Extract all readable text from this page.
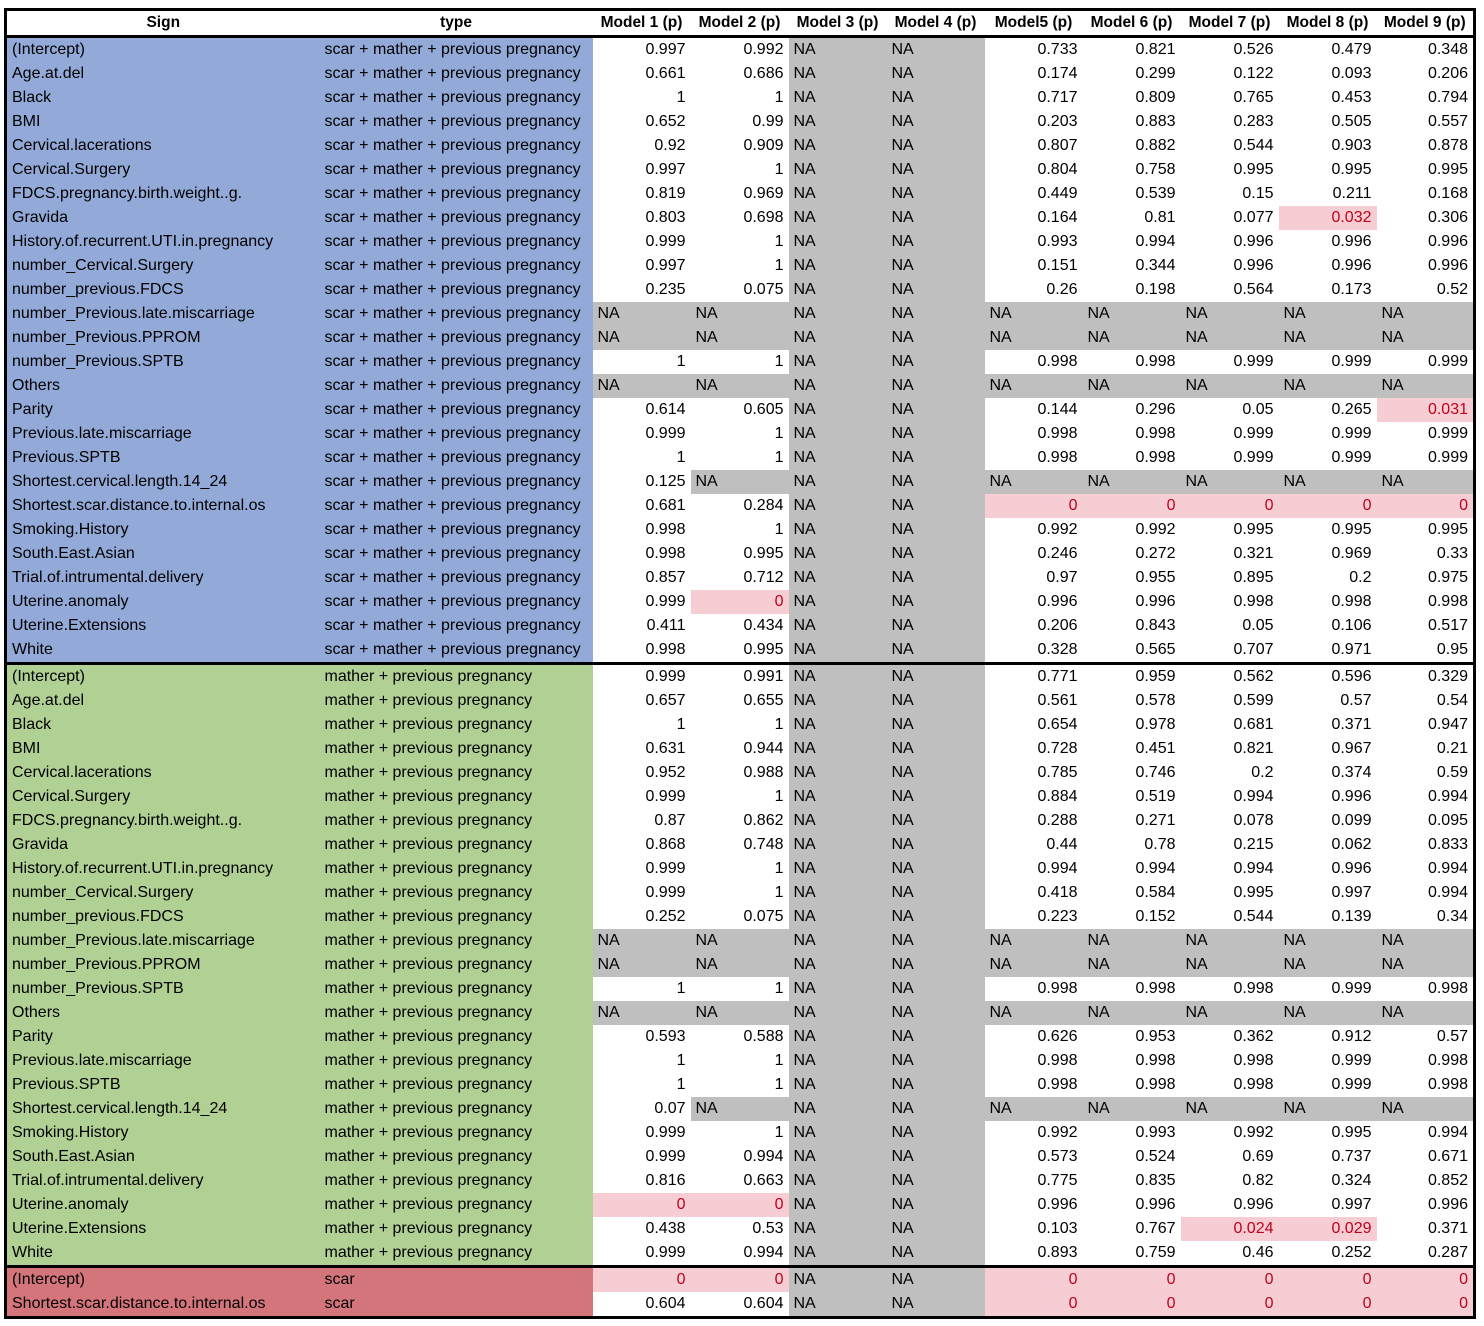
Sign	type	Model 1 (p)	Model 2 (p)	Model 3 (p)	Model 4 (p)	Model5 (p)	Model 6 (p)	Model 7 (p)	Model 8 (p)	Model 9 (p)
(Intercept)	scar + mather + previous pregnancy	0.997	0.992	NA	NA	0.733	0.821	0.526	0.479	0.348
Age.at.del	scar + mather + previous pregnancy	0.661	0.686	NA	NA	0.174	0.299	0.122	0.093	0.206
Black	scar + mather + previous pregnancy	1	1	NA	NA	0.717	0.809	0.765	0.453	0.794
BMI	scar + mather + previous pregnancy	0.652	0.99	NA	NA	0.203	0.883	0.283	0.505	0.557
Cervical.lacerations	scar + mather + previous pregnancy	0.92	0.909	NA	NA	0.807	0.882	0.544	0.903	0.878
Cervical.Surgery	scar + mather + previous pregnancy	0.997	1	NA	NA	0.804	0.758	0.995	0.995	0.995
FDCS.pregnancy.birth.weight..g.	scar + mather + previous pregnancy	0.819	0.969	NA	NA	0.449	0.539	0.15	0.211	0.168
Gravida	scar + mather + previous pregnancy	0.803	0.698	NA	NA	0.164	0.81	0.077	0.032	0.306
History.of.recurrent.UTI.in.pregnancy	scar + mather + previous pregnancy	0.999	1	NA	NA	0.993	0.994	0.996	0.996	0.996
number_Cervical.Surgery	scar + mather + previous pregnancy	0.997	1	NA	NA	0.151	0.344	0.996	0.996	0.996
number_previous.FDCS	scar + mather + previous pregnancy	0.235	0.075	NA	NA	0.26	0.198	0.564	0.173	0.52
number_Previous.late.miscarriage	scar + mather + previous pregnancy	NA	NA	NA	NA	NA	NA	NA	NA	NA
number_Previous.PPROM	scar + mather + previous pregnancy	NA	NA	NA	NA	NA	NA	NA	NA	NA
number_Previous.SPTB	scar + mather + previous pregnancy	1	1	NA	NA	0.998	0.998	0.999	0.999	0.999
Others	scar + mather + previous pregnancy	NA	NA	NA	NA	NA	NA	NA	NA	NA
Parity	scar + mather + previous pregnancy	0.614	0.605	NA	NA	0.144	0.296	0.05	0.265	0.031
Previous.late.miscarriage	scar + mather + previous pregnancy	0.999	1	NA	NA	0.998	0.998	0.999	0.999	0.999
Previous.SPTB	scar + mather + previous pregnancy	1	1	NA	NA	0.998	0.998	0.999	0.999	0.999
Shortest.cervical.length.14_24	scar + mather + previous pregnancy	0.125	NA	NA	NA	NA	NA	NA	NA	NA
Shortest.scar.distance.to.internal.os	scar + mather + previous pregnancy	0.681	0.284	NA	NA	0	0	0	0	0
Smoking.History	scar + mather + previous pregnancy	0.998	1	NA	NA	0.992	0.992	0.995	0.995	0.995
South.East.Asian	scar + mather + previous pregnancy	0.998	0.995	NA	NA	0.246	0.272	0.321	0.969	0.33
Trial.of.intrumental.delivery	scar + mather + previous pregnancy	0.857	0.712	NA	NA	0.97	0.955	0.895	0.2	0.975
Uterine.anomaly	scar + mather + previous pregnancy	0.999	0	NA	NA	0.996	0.996	0.998	0.998	0.998
Uterine.Extensions	scar + mather + previous pregnancy	0.411	0.434	NA	NA	0.206	0.843	0.05	0.106	0.517
White	scar + mather + previous pregnancy	0.998	0.995	NA	NA	0.328	0.565	0.707	0.971	0.95
(Intercept)	mather + previous pregnancy	0.999	0.991	NA	NA	0.771	0.959	0.562	0.596	0.329
Age.at.del	mather + previous pregnancy	0.657	0.655	NA	NA	0.561	0.578	0.599	0.57	0.54
Black	mather + previous pregnancy	1	1	NA	NA	0.654	0.978	0.681	0.371	0.947
BMI	mather + previous pregnancy	0.631	0.944	NA	NA	0.728	0.451	0.821	0.967	0.21
Cervical.lacerations	mather + previous pregnancy	0.952	0.988	NA	NA	0.785	0.746	0.2	0.374	0.59
Cervical.Surgery	mather + previous pregnancy	0.999	1	NA	NA	0.884	0.519	0.994	0.996	0.994
FDCS.pregnancy.birth.weight..g.	mather + previous pregnancy	0.87	0.862	NA	NA	0.288	0.271	0.078	0.099	0.095
Gravida	mather + previous pregnancy	0.868	0.748	NA	NA	0.44	0.78	0.215	0.062	0.833
History.of.recurrent.UTI.in.pregnancy	mather + previous pregnancy	0.999	1	NA	NA	0.994	0.994	0.994	0.996	0.994
number_Cervical.Surgery	mather + previous pregnancy	0.999	1	NA	NA	0.418	0.584	0.995	0.997	0.994
number_previous.FDCS	mather + previous pregnancy	0.252	0.075	NA	NA	0.223	0.152	0.544	0.139	0.34
number_Previous.late.miscarriage	mather + previous pregnancy	NA	NA	NA	NA	NA	NA	NA	NA	NA
number_Previous.PPROM	mather + previous pregnancy	NA	NA	NA	NA	NA	NA	NA	NA	NA
number_Previous.SPTB	mather + previous pregnancy	1	1	NA	NA	0.998	0.998	0.998	0.999	0.998
Others	mather + previous pregnancy	NA	NA	NA	NA	NA	NA	NA	NA	NA
Parity	mather + previous pregnancy	0.593	0.588	NA	NA	0.626	0.953	0.362	0.912	0.57
Previous.late.miscarriage	mather + previous pregnancy	1	1	NA	NA	0.998	0.998	0.998	0.999	0.998
Previous.SPTB	mather + previous pregnancy	1	1	NA	NA	0.998	0.998	0.998	0.999	0.998
Shortest.cervical.length.14_24	mather + previous pregnancy	0.07	NA	NA	NA	NA	NA	NA	NA	NA
Smoking.History	mather + previous pregnancy	0.999	1	NA	NA	0.992	0.993	0.992	0.995	0.994
South.East.Asian	mather + previous pregnancy	0.999	0.994	NA	NA	0.573	0.524	0.69	0.737	0.671
Trial.of.intrumental.delivery	mather + previous pregnancy	0.816	0.663	NA	NA	0.775	0.835	0.82	0.324	0.852
Uterine.anomaly	mather + previous pregnancy	0	0	NA	NA	0.996	0.996	0.996	0.997	0.996
Uterine.Extensions	mather + previous pregnancy	0.438	0.53	NA	NA	0.103	0.767	0.024	0.029	0.371
White	mather + previous pregnancy	0.999	0.994	NA	NA	0.893	0.759	0.46	0.252	0.287
(Intercept)	scar	0	0	NA	NA	0	0	0	0	0
Shortest.scar.distance.to.internal.os	scar	0.604	0.604	NA	NA	0	0	0	0	0
